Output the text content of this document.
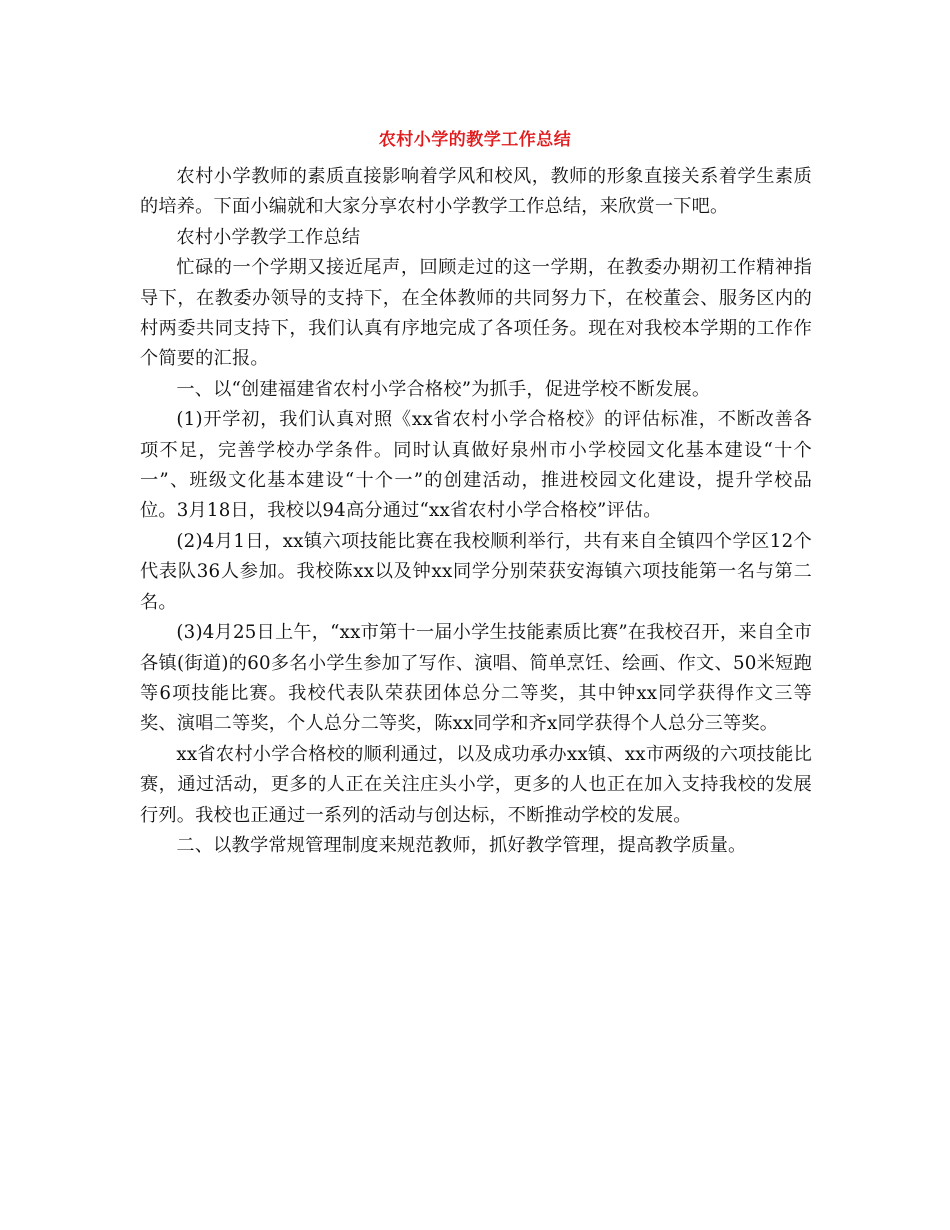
农村小学的教学工作总结

农村小学教师的素质直接影响着学风和校风，教师的形象直接关系着学生素质的培养。下面小编就和大家分享农村小学教学工作总结，来欣赏一下吧。

农村小学教学工作总结

忙碌的一个学期又接近尾声，回顾走过的这一学期，在教委办期初工作精神指导下，在教委办领导的支持下，在全体教师的共同努力下，在校董会、服务区内的村两委共同支持下，我们认真有序地完成了各项任务。现在对我校本学期的工作作个简要的汇报。

一、以“创建福建省农村小学合格校”为抓手，促进学校不断发展。

(1)开学初，我们认真对照《xx省农村小学合格校》的评估标准，不断改善各项不足，完善学校办学条件。同时认真做好泉州市小学校园文化基本建设“十个一”、班级文化基本建设“十个一”的创建活动，推进校园文化建设，提升学校品位。3月18日，我校以94高分通过“xx省农村小学合格校”评估。

(2)4月1日，xx镇六项技能比赛在我校顺利举行，共有来自全镇四个学区12个代表队36人参加。我校陈xx以及钟xx同学分别荣获安海镇六项技能第一名与第二名。

(3)4月25日上午，“xx市第十一届小学生技能素质比赛”在我校召开，来自全市各镇(街道)的60多名小学生参加了写作、演唱、简单烹饪、绘画、作文、50米短跑等6项技能比赛。我校代表队荣获团体总分二等奖，其中钟xx同学获得作文三等奖、演唱二等奖，个人总分二等奖，陈xx同学和齐x同学获得个人总分三等奖。

xx省农村小学合格校的顺利通过，以及成功承办xx镇、xx市两级的六项技能比赛，通过活动，更多的人正在关注庄头小学，更多的人也正在加入支持我校的发展行列。我校也正通过一系列的活动与创达标，不断推动学校的发展。

二、以教学常规管理制度来规范教师，抓好教学管理，提高教学质量。
